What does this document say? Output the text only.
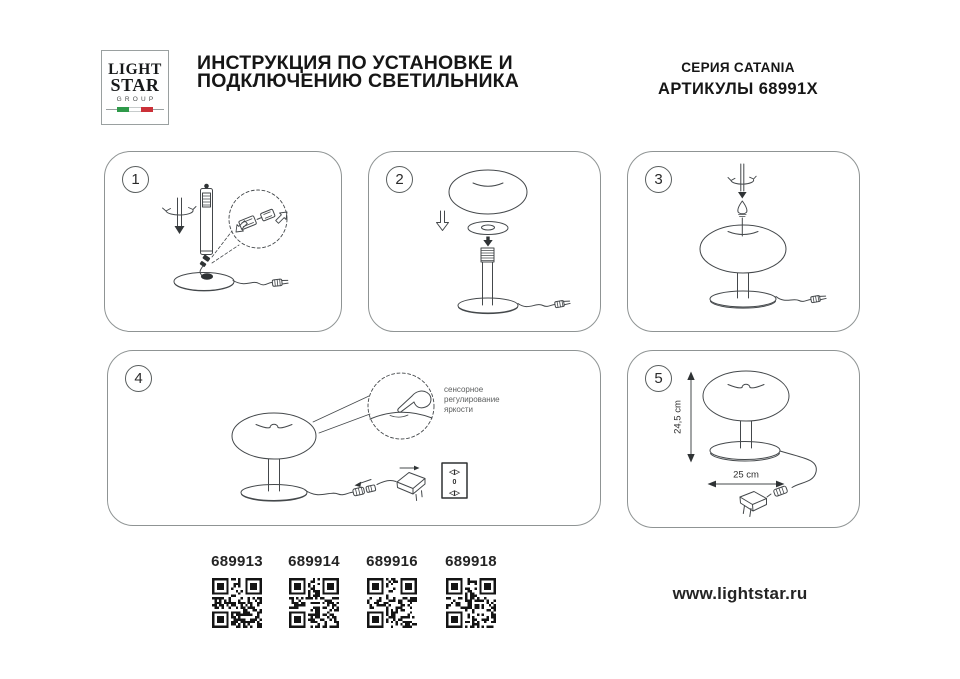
LIGHT
STAR
GROUP
ИНСТРУКЦИЯ ПО УСТАНОВКЕ И
ПОДКЛЮЧЕНИЮ СВЕТИЛЬНИКА
СЕРИЯ CATANIA
АРТИКУЛЫ 68991X
1	2	3
4
сенсорное
регулирование
яркости
◁▷
0
◁▷
5
24,5 cm
25 cm
689913 689914 689916 689918
www.lightstar.ru
